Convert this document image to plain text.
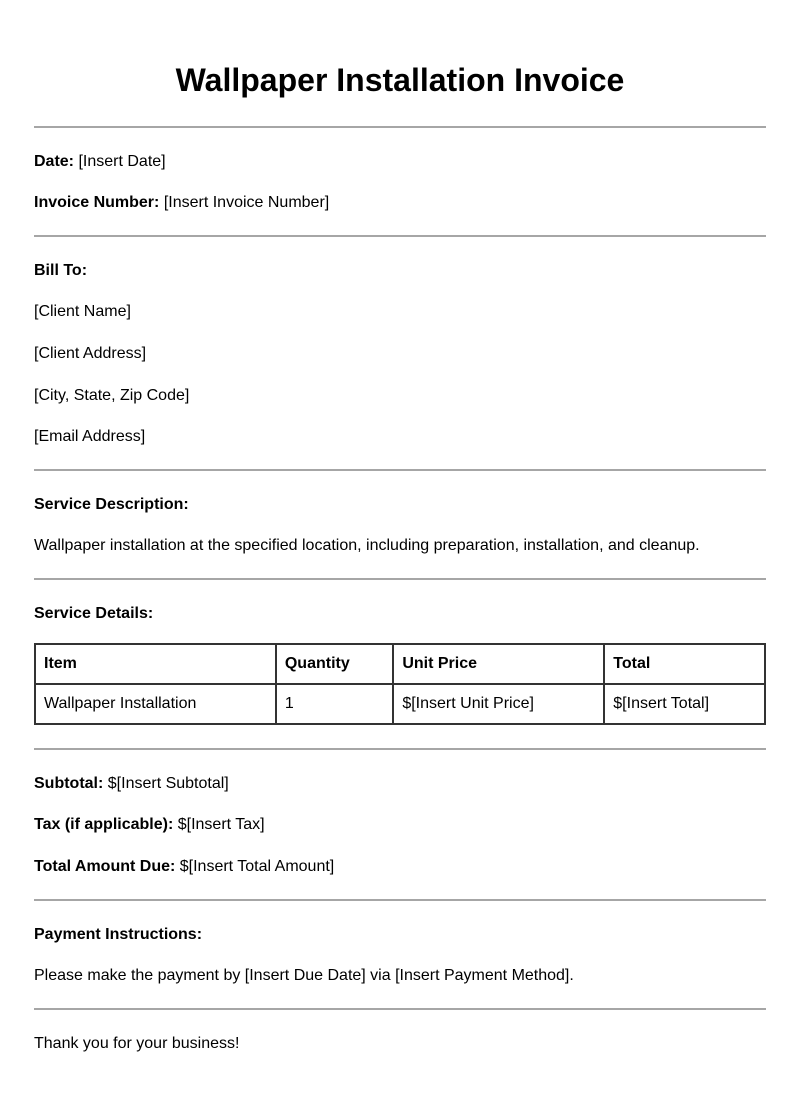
Wallpaper Installation Invoice
Date: [Insert Date]
Invoice Number: [Insert Invoice Number]
Bill To:
[Client Name]
[Client Address]
[City, State, Zip Code]
[Email Address]
Service Description:
Wallpaper installation at the specified location, including preparation, installation, and cleanup.
Service Details:
Item	Quantity	Unit Price	Total
Wallpaper Installation	1	$[Insert Unit Price]	$[Insert Total]
Subtotal: $[Insert Subtotal]
Tax (if applicable): $[Insert Tax]
Total Amount Due: $[Insert Total Amount]
Payment Instructions:
Please make the payment by [Insert Due Date] via [Insert Payment Method].
Thank you for your business!
